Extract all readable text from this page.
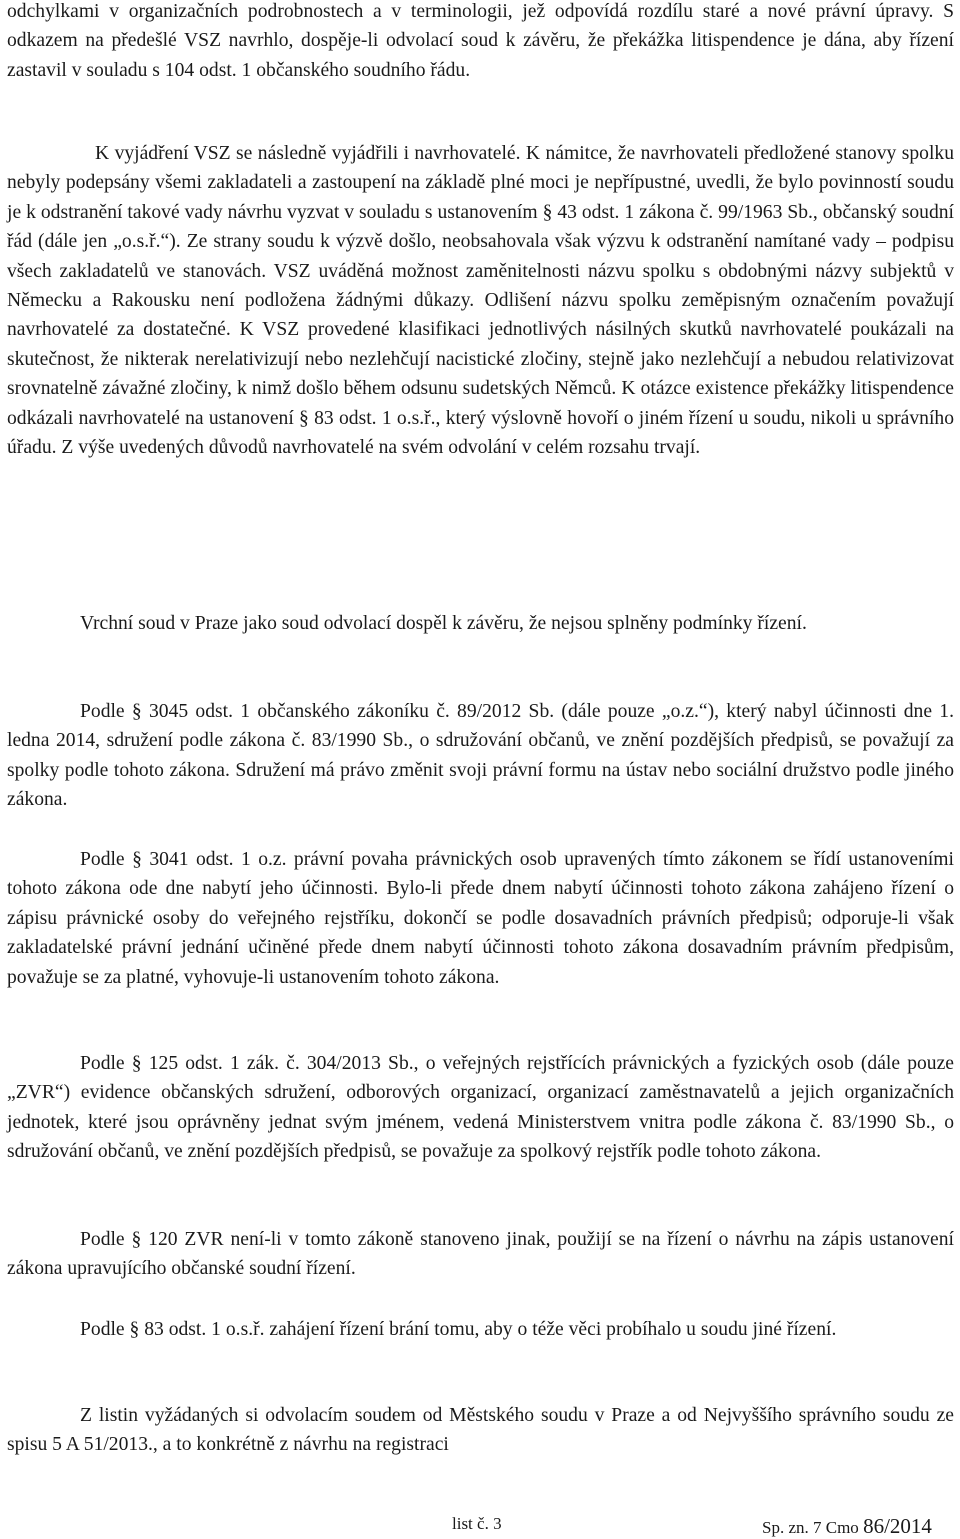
odchylkami v organizačních podrobnostech a v terminologii, jež odpovídá rozdílu staré a nové právní úpravy. S odkazem na předešlé VSZ navrhlo, dospěje-li odvolací soud k závěru, že překážka litispendence je dána, aby řízení zastavil v souladu s 104 odst. 1 občanského soudního řádu.

K vyjádření VSZ se následně vyjádřili i navrhovatelé. K námitce, že navrhovateli předložené stanovy spolku nebyly podepsány všemi zakladateli a zastoupení na základě plné moci je nepřípustné, uvedli, že bylo povinností soudu je k odstranění takové vady návrhu vyzvat v souladu s ustanovením § 43 odst. 1 zákona č. 99/1963 Sb., občanský soudní řád (dále jen „o.s.ř.“). Ze strany soudu k výzvě došlo, neobsahovala však výzvu k odstranění namítané vady – podpisu všech zakladatelů ve stanovách. VSZ uváděná možnost zaměnitelnosti názvu spolku s obdobnými názvy subjektů v Německu a Rakousku není podložena žádnými důkazy. Odlišení názvu spolku zeměpisným označením považují navrhovatelé za dostatečné. K VSZ provedené klasifikaci jednotlivých násilných skutků navrhovatelé poukázali na skutečnost, že nikterak nerelativizují nebo nezlehčují nacistické zločiny, stejně jako nezlehčují a nebudou relativizovat srovnatelně závažné zločiny, k nimž došlo během odsunu sudetských Němců. K otázce existence překážky litispendence odkázali navrhovatelé na ustanovení § 83 odst. 1 o.s.ř., který výslovně hovoří o jiném řízení u soudu, nikoli u správního úřadu. Z výše uvedených důvodů navrhovatelé na svém odvolání v celém rozsahu trvají.

Vrchní soud v Praze jako soud odvolací dospěl k závěru, že nejsou splněny podmínky řízení.

Podle § 3045 odst. 1 občanského zákoníku č. 89/2012 Sb. (dále pouze „o.z.“), který nabyl účinnosti dne 1. ledna 2014, sdružení podle zákona č. 83/1990 Sb., o sdružování občanů, ve znění pozdějších předpisů, se považují za spolky podle tohoto zákona. Sdružení má právo změnit svoji právní formu na ústav nebo sociální družstvo podle jiného zákona.

Podle § 3041 odst. 1 o.z. právní povaha právnických osob upravených tímto zákonem se řídí ustanoveními tohoto zákona ode dne nabytí jeho účinnosti. Bylo-li přede dnem nabytí účinnosti tohoto zákona zahájeno řízení o zápisu právnické osoby do veřejného rejstříku, dokončí se podle dosavadních právních předpisů; odporuje-li však zakladatelské právní jednání učiněné přede dnem nabytí účinnosti tohoto zákona dosavadním právním předpisům, považuje se za platné, vyhovuje-li ustanovením tohoto zákona.

Podle § 125 odst. 1 zák. č. 304/2013 Sb., o veřejných rejstřících právnických a fyzických osob (dále pouze „ZVR“) evidence občanských sdružení, odborových organizací, organizací zaměstnavatelů a jejich organizačních jednotek, které jsou oprávněny jednat svým jménem, vedená Ministerstvem vnitra podle zákona č. 83/1990 Sb., o sdružování občanů, ve znění pozdějších předpisů, se považuje za spolkový rejstřík podle tohoto zákona.

Podle § 120 ZVR není-li v tomto zákoně stanoveno jinak, použijí se na řízení o návrhu na zápis ustanovení zákona upravujícího občanské soudní řízení.

Podle § 83 odst. 1 o.s.ř. zahájení řízení brání tomu, aby o téže věci probíhalo u soudu jiné řízení.

Z listin vyžádaných si odvolacím soudem od Městského soudu v Praze a od Nejvyššího správního soudu ze spisu 5 A 51/2013., a to konkrétně z návrhu na registraci

list č. 3	Sp. zn. 7 Cmo 86/2014
